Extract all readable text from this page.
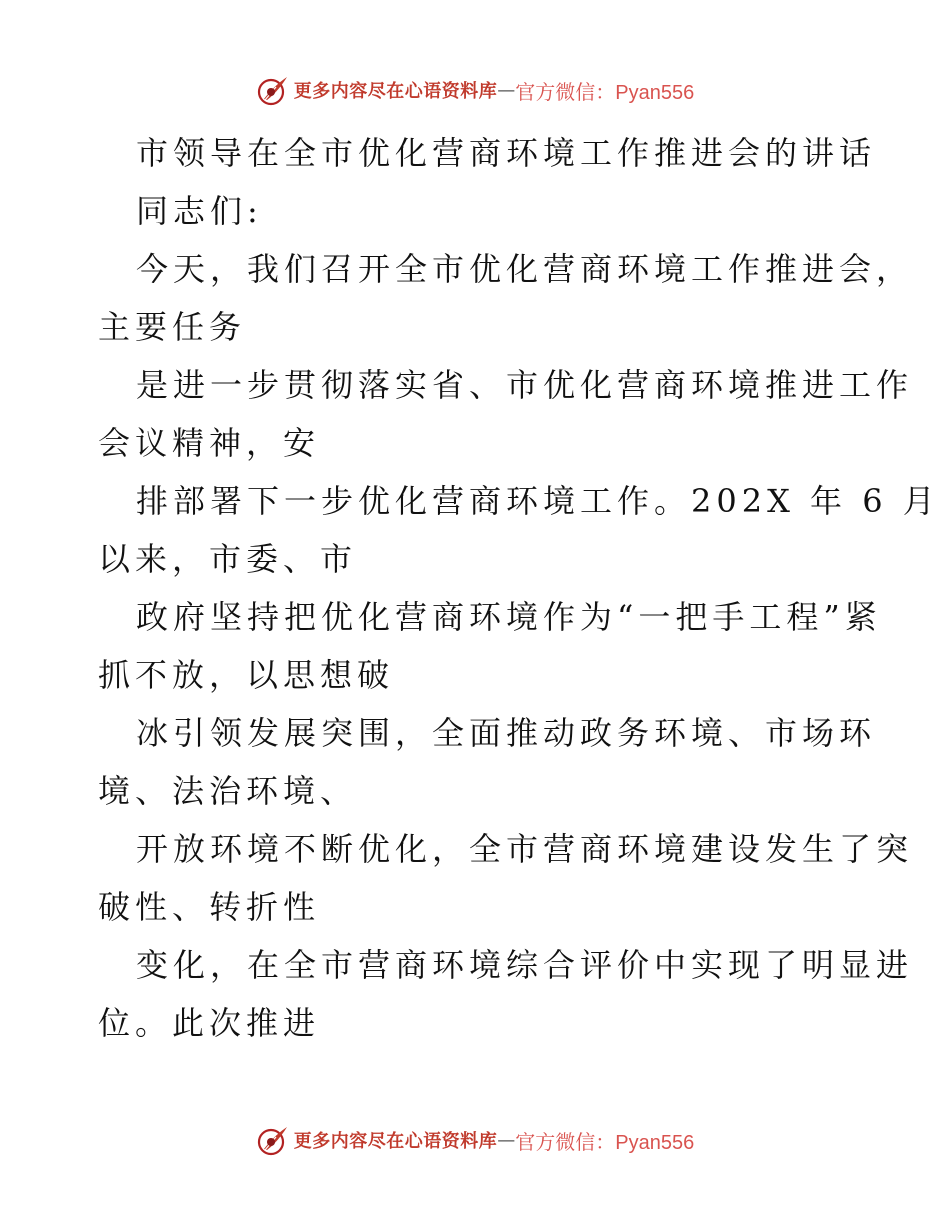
更多内容尽在心语资料库 — 官方微信：Pyan556
市领导在全市优化营商环境工作推进会的讲话
同志们:
今天，我们召开全市优化营商环境工作推进会，
主要任务
是进一步贯彻落实省、市优化营商环境推进工作
会议精神，安
排部署下一步优化营商环境工作。202X 年 6 月
以来，市委、市
政府坚持把优化营商环境作为“一把手工程”紧
抓不放，以思想破
冰引领发展突围，全面推动政务环境、市场环
境、法治环境、
开放环境不断优化，全市营商环境建设发生了突
破性、转折性
变化，在全市营商环境综合评价中实现了明显进
位。此次推进
更多内容尽在心语资料库 — 官方微信：Pyan556
